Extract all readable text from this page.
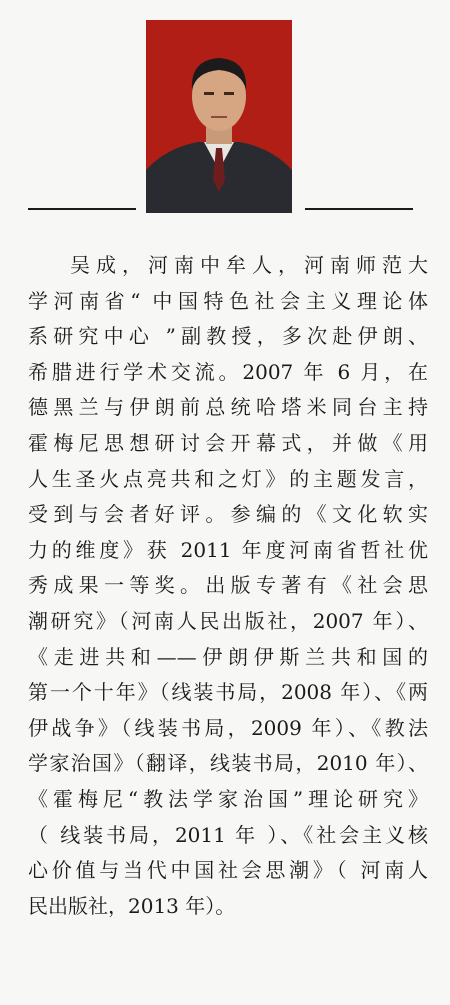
吴成，河南中牟人，河南师范大
学河南省“ 中国特色社会主义理论体
系研究中心 ”副教授，多次赴伊朗、
希腊进行学术交流。2007 年 6 月，在
德黑兰与伊朗前总统哈塔米同台主持
霍梅尼思想研讨会开幕式，并做《用
人生圣火点亮共和之灯》的主题发言，
受到与会者好评。参编的《文化软实
力的维度》获 2011 年度河南省哲社优
秀成果一等奖。出版专著有《社会思
潮研究》（河南人民出版社，2007 年）、
《走进共和——伊朗伊斯兰共和国的
第一个十年》（线装书局，2008 年）、《两
伊战争》（线装书局，2009 年）、《教法
学家治国》（翻译，线装书局，2010 年）、
《霍梅尼“教法学家治国”理论研究》
（ 线装书局，2011 年 ）、《社会主义核
心价值与当代中国社会思潮》（ 河南人
民出版社，2013 年）。
